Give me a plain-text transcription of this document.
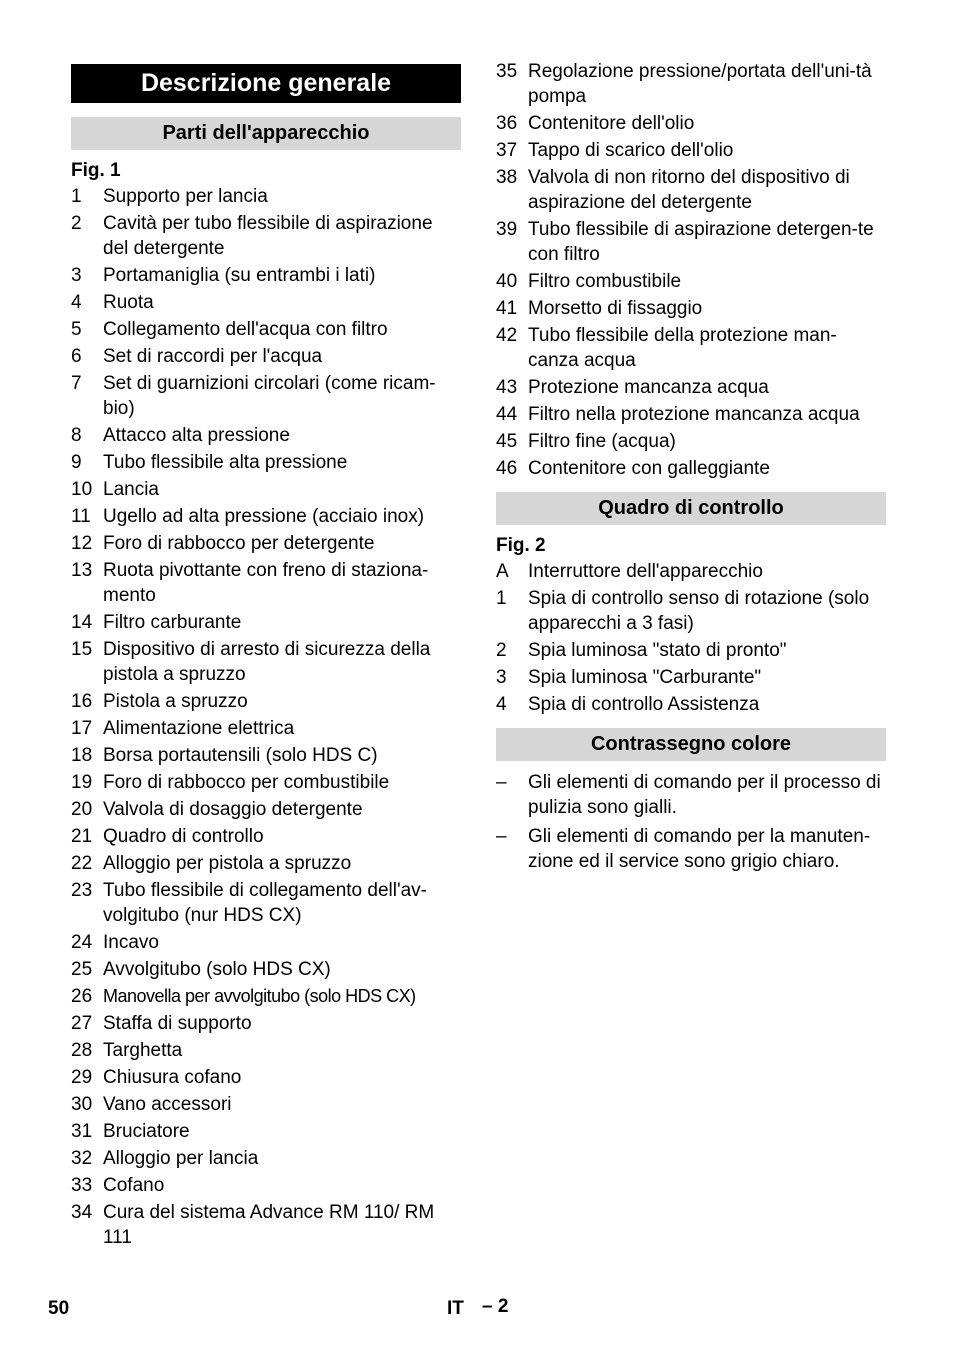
Descrizione generale
Parti dell'apparecchio
Fig. 1
1	Supporto per lancia
2	Cavità per tubo flessibile di aspirazione del detergente
3	Portamaniglia (su entrambi i lati)
4	Ruota
5	Collegamento dell'acqua con filtro
6	Set di raccordi per l'acqua
7	Set di guarnizioni circolari (come ricam-bio)
8	Attacco alta pressione
9	Tubo flessibile alta pressione
10 Lancia
11 Ugello ad alta pressione (acciaio inox)
12 Foro di rabbocco per detergente
13 Ruota pivottante con freno di staziona-mento
14 Filtro carburante
15 Dispositivo di arresto di sicurezza della pistola a spruzzo
16 Pistola a spruzzo
17 Alimentazione elettrica
18 Borsa portautensili (solo HDS C)
19 Foro di rabbocco per combustibile
20 Valvola di dosaggio detergente
21 Quadro di controllo
22 Alloggio per pistola a spruzzo
23 Tubo flessibile di collegamento dell'av-volgitubo (nur HDS CX)
24 Incavo
25 Avvolgitubo (solo HDS CX)
26 Manovella per avvolgitubo (solo HDS CX)
27 Staffa di supporto
28 Targhetta
29 Chiusura cofano
30 Vano accessori
31 Bruciatore
32 Alloggio per lancia
33 Cofano
34 Cura del sistema Advance RM 110/ RM 111
35 Regolazione pressione/portata dell'uni-tà pompa
36 Contenitore dell'olio
37 Tappo di scarico dell'olio
38 Valvola di non ritorno del dispositivo di aspirazione del detergente
39 Tubo flessibile di aspirazione detergen-te con filtro
40 Filtro combustibile
41 Morsetto di fissaggio
42 Tubo flessibile della protezione man-canza acqua
43 Protezione mancanza acqua
44 Filtro nella protezione mancanza acqua
45 Filtro fine (acqua)
46 Contenitore con galleggiante
Quadro di controllo
Fig. 2
A	Interruttore dell'apparecchio
1	Spia di controllo senso di rotazione (solo apparecchi a 3 fasi)
2	Spia luminosa "stato di pronto"
3	Spia luminosa "Carburante"
4	Spia di controllo Assistenza
Contrassegno colore
–	Gli elementi di comando per il processo di pulizia sono gialli.
–	Gli elementi di comando per la manuten-zione ed il service sono grigio chiaro.
50	IT – 2
